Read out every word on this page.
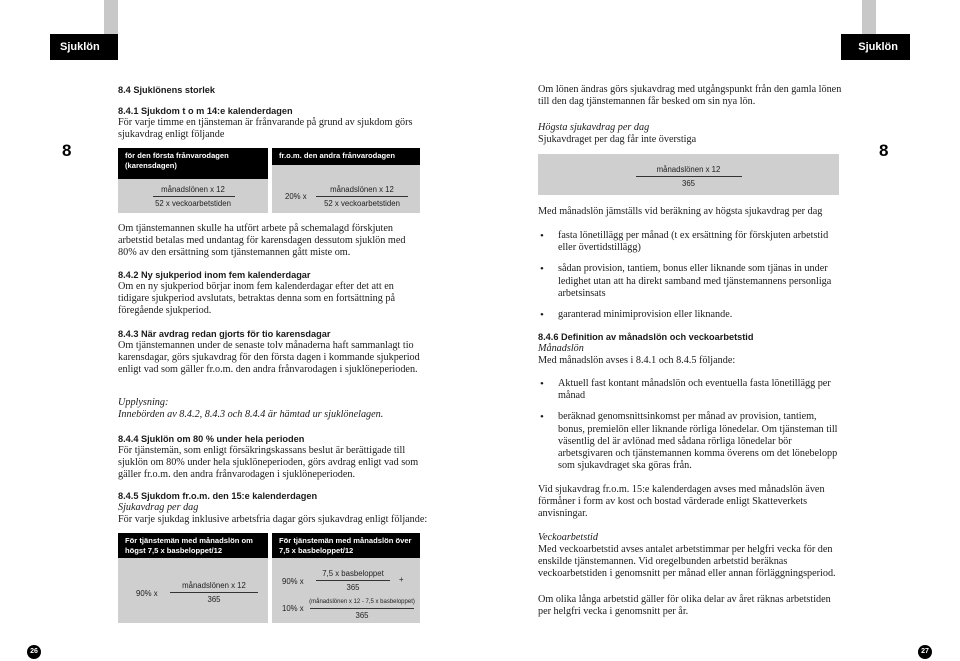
Sjuklön	Sjuklön
8	8
8.4 Sjuklönens storlek
8.4.1 Sjukdom t o m 14:e kalenderdagen
För varje timme en tjänsteman är frånvarande på grund av sjukdom görs sjukavdrag enligt följande
för den första frånvarodagen (karensdagen)
månadslönen x 12
52 x veckoarbetstiden
fr.o.m. den andra frånvarodagen
20% x
månadslönen x 12
52 x veckoarbetstiden
Om tjänstemannen skulle ha utfört arbete på schemalagd förskjuten arbetstid betalas med undantag för karensdagen dessutom sjuklön med 80% av den ersättning som tjänstemannen gått miste om.
8.4.2 Ny sjukperiod inom fem kalenderdagar
Om en ny sjukperiod börjar inom fem kalenderdagar efter det att en tidigare sjukperiod avslutats, betraktas denna som en fortsättning på föregående sjukperiod.
8.4.3 När avdrag redan gjorts för tio karensdagar
Om tjänstemannen under de senaste tolv månaderna haft sammanlagt tio karensdagar, görs sjukavdrag för den första dagen i kommande sjukperiod enligt vad som gäller fr.o.m. den andra frånvarodagen i sjuklöneperioden.
Upplysning:
Innebörden av 8.4.2, 8.4.3 och 8.4.4 är hämtad ur sjuklönelagen.
8.4.4 Sjuklön om 80 % under hela perioden
För tjänstemän, som enligt försäkringskassans beslut är berättigade till sjuklön om 80% under hela sjuklöneperioden, görs avdrag enligt vad som gäller fr.o.m. den andra frånvarodagen i sjuklöneperioden.
8.4.5 Sjukdom fr.o.m. den 15:e kalenderdagen
Sjukavdrag per dag
För varje sjukdag inklusive arbetsfria dagar görs sjukavdrag enligt följande:
För tjänstemän med månadslön om högst 7,5 x basbeloppet/12
90% x
månadslönen x 12
365
För tjänstemän med månadslön över 7,5 x basbeloppet/12
90% x
7,5 x basbeloppet
365
+
10% x
(månadslönen x 12 - 7,5 x basbeloppet)
365
Om lönen ändras görs sjukavdrag med utgångspunkt från den gamla lönen till den dag tjänstemannen får besked om sin nya lön.
Högsta sjukavdrag per dag
Sjukavdraget per dag får inte överstiga
månadslönen x 12
365
Med månadslön jämställs vid beräkning av högsta sjukavdrag per dag
• fasta lönetillägg per månad (t ex ersättning för förskjuten arbetstid eller övertidstillägg)
• sådan provision, tantiem, bonus eller liknande som tjänas in under ledighet utan att ha direkt samband med tjänstemannens personliga arbetsinsats
• garanterad minimiprovision eller liknande.
8.4.6 Definition av månadslön och veckoarbetstid
Månadslön
Med månadslön avses i 8.4.1 och 8.4.5 följande:
• Aktuell fast kontant månadslön och eventuella fasta lönetillägg per månad
• beräknad genomsnittsinkomst per månad av provision, tantiem, bonus, premielön eller liknande rörliga lönedelar. Om tjänsteman till väsentlig del är avlönad med sådana rörliga lönedelar bör arbetsgivaren och tjänstemannen komma överens om det lönebelopp som sjukavdraget ska göras från.
Vid sjukavdrag fr.o.m. 15:e kalenderdagen avses med månadslön även förmåner i form av kost och bostad värderade enligt Skatteverkets anvisningar.
Veckoarbetstid
Med veckoarbetstid avses antalet arbetstimmar per helgfri vecka för den enskilde tjänstemannen. Vid oregelbunden arbetstid beräknas veckoarbetstiden i genomsnitt per månad eller annan förläggningsperiod.
Om olika långa arbetstid gäller för olika delar av året räknas arbetstiden per helgfri vecka i genomsnitt per år.
26	27
